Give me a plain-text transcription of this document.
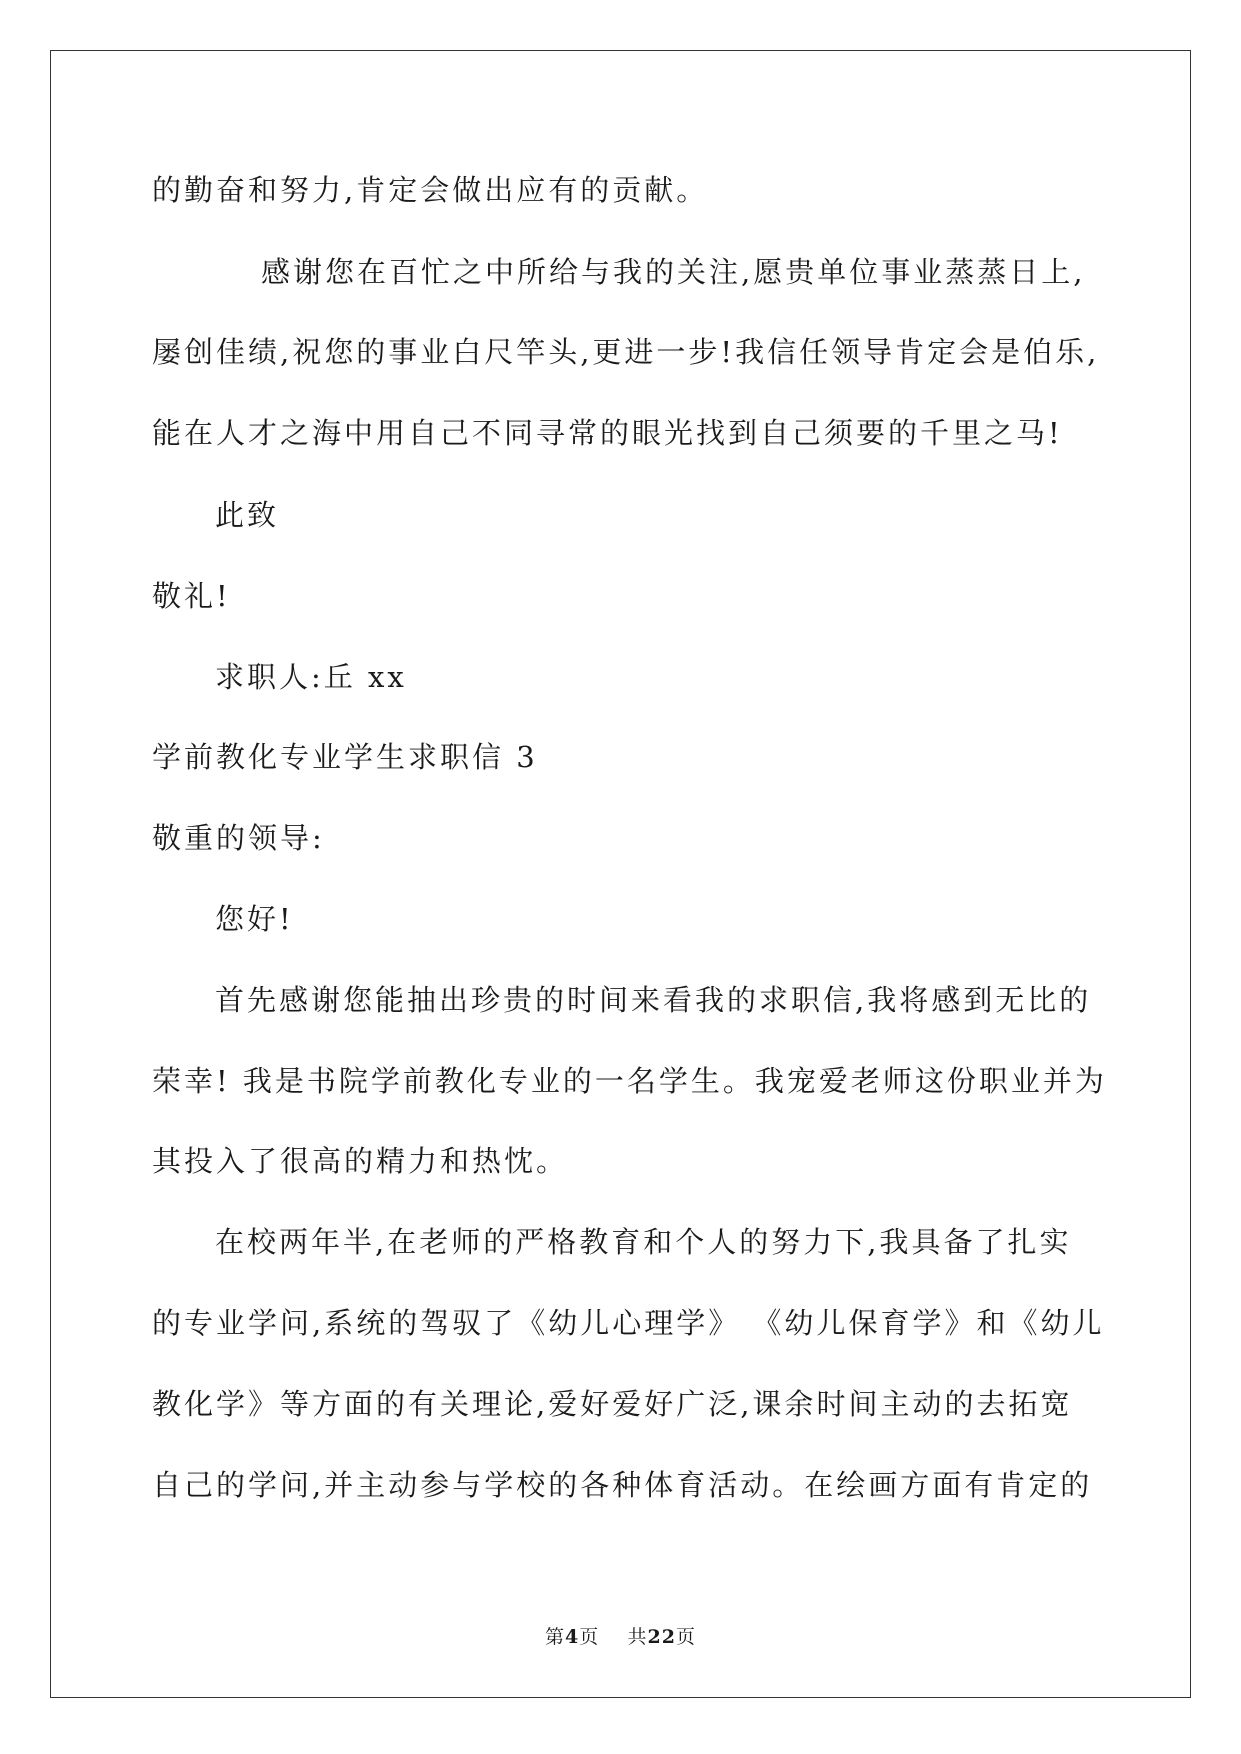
的勤奋和努力,肯定会做出应有的贡献。
感谢您在百忙之中所给与我的关注,愿贵单位事业蒸蒸日上,
屡创佳绩,祝您的事业白尺竿头,更进一步!我信任领导肯定会是伯乐,
能在人才之海中用自己不同寻常的眼光找到自己须要的千里之马!
此致
敬礼!
求职人:丘 xx
学前教化专业学生求职信 3
敬重的领导:
您好!
首先感谢您能抽出珍贵的时间来看我的求职信,我将感到无比的
荣幸! 我是书院学前教化专业的一名学生。我宠爱老师这份职业并为
其投入了很高的精力和热忱。
在校两年半,在老师的严格教育和个人的努力下,我具备了扎实
的专业学问,系统的驾驭了《幼儿心理学》 《幼儿保育学》和《幼儿
教化学》等方面的有关理论,爱好爱好广泛,课余时间主动的去拓宽
自己的学问,并主动参与学校的各种体育活动。在绘画方面有肯定的
第4页 共22页
